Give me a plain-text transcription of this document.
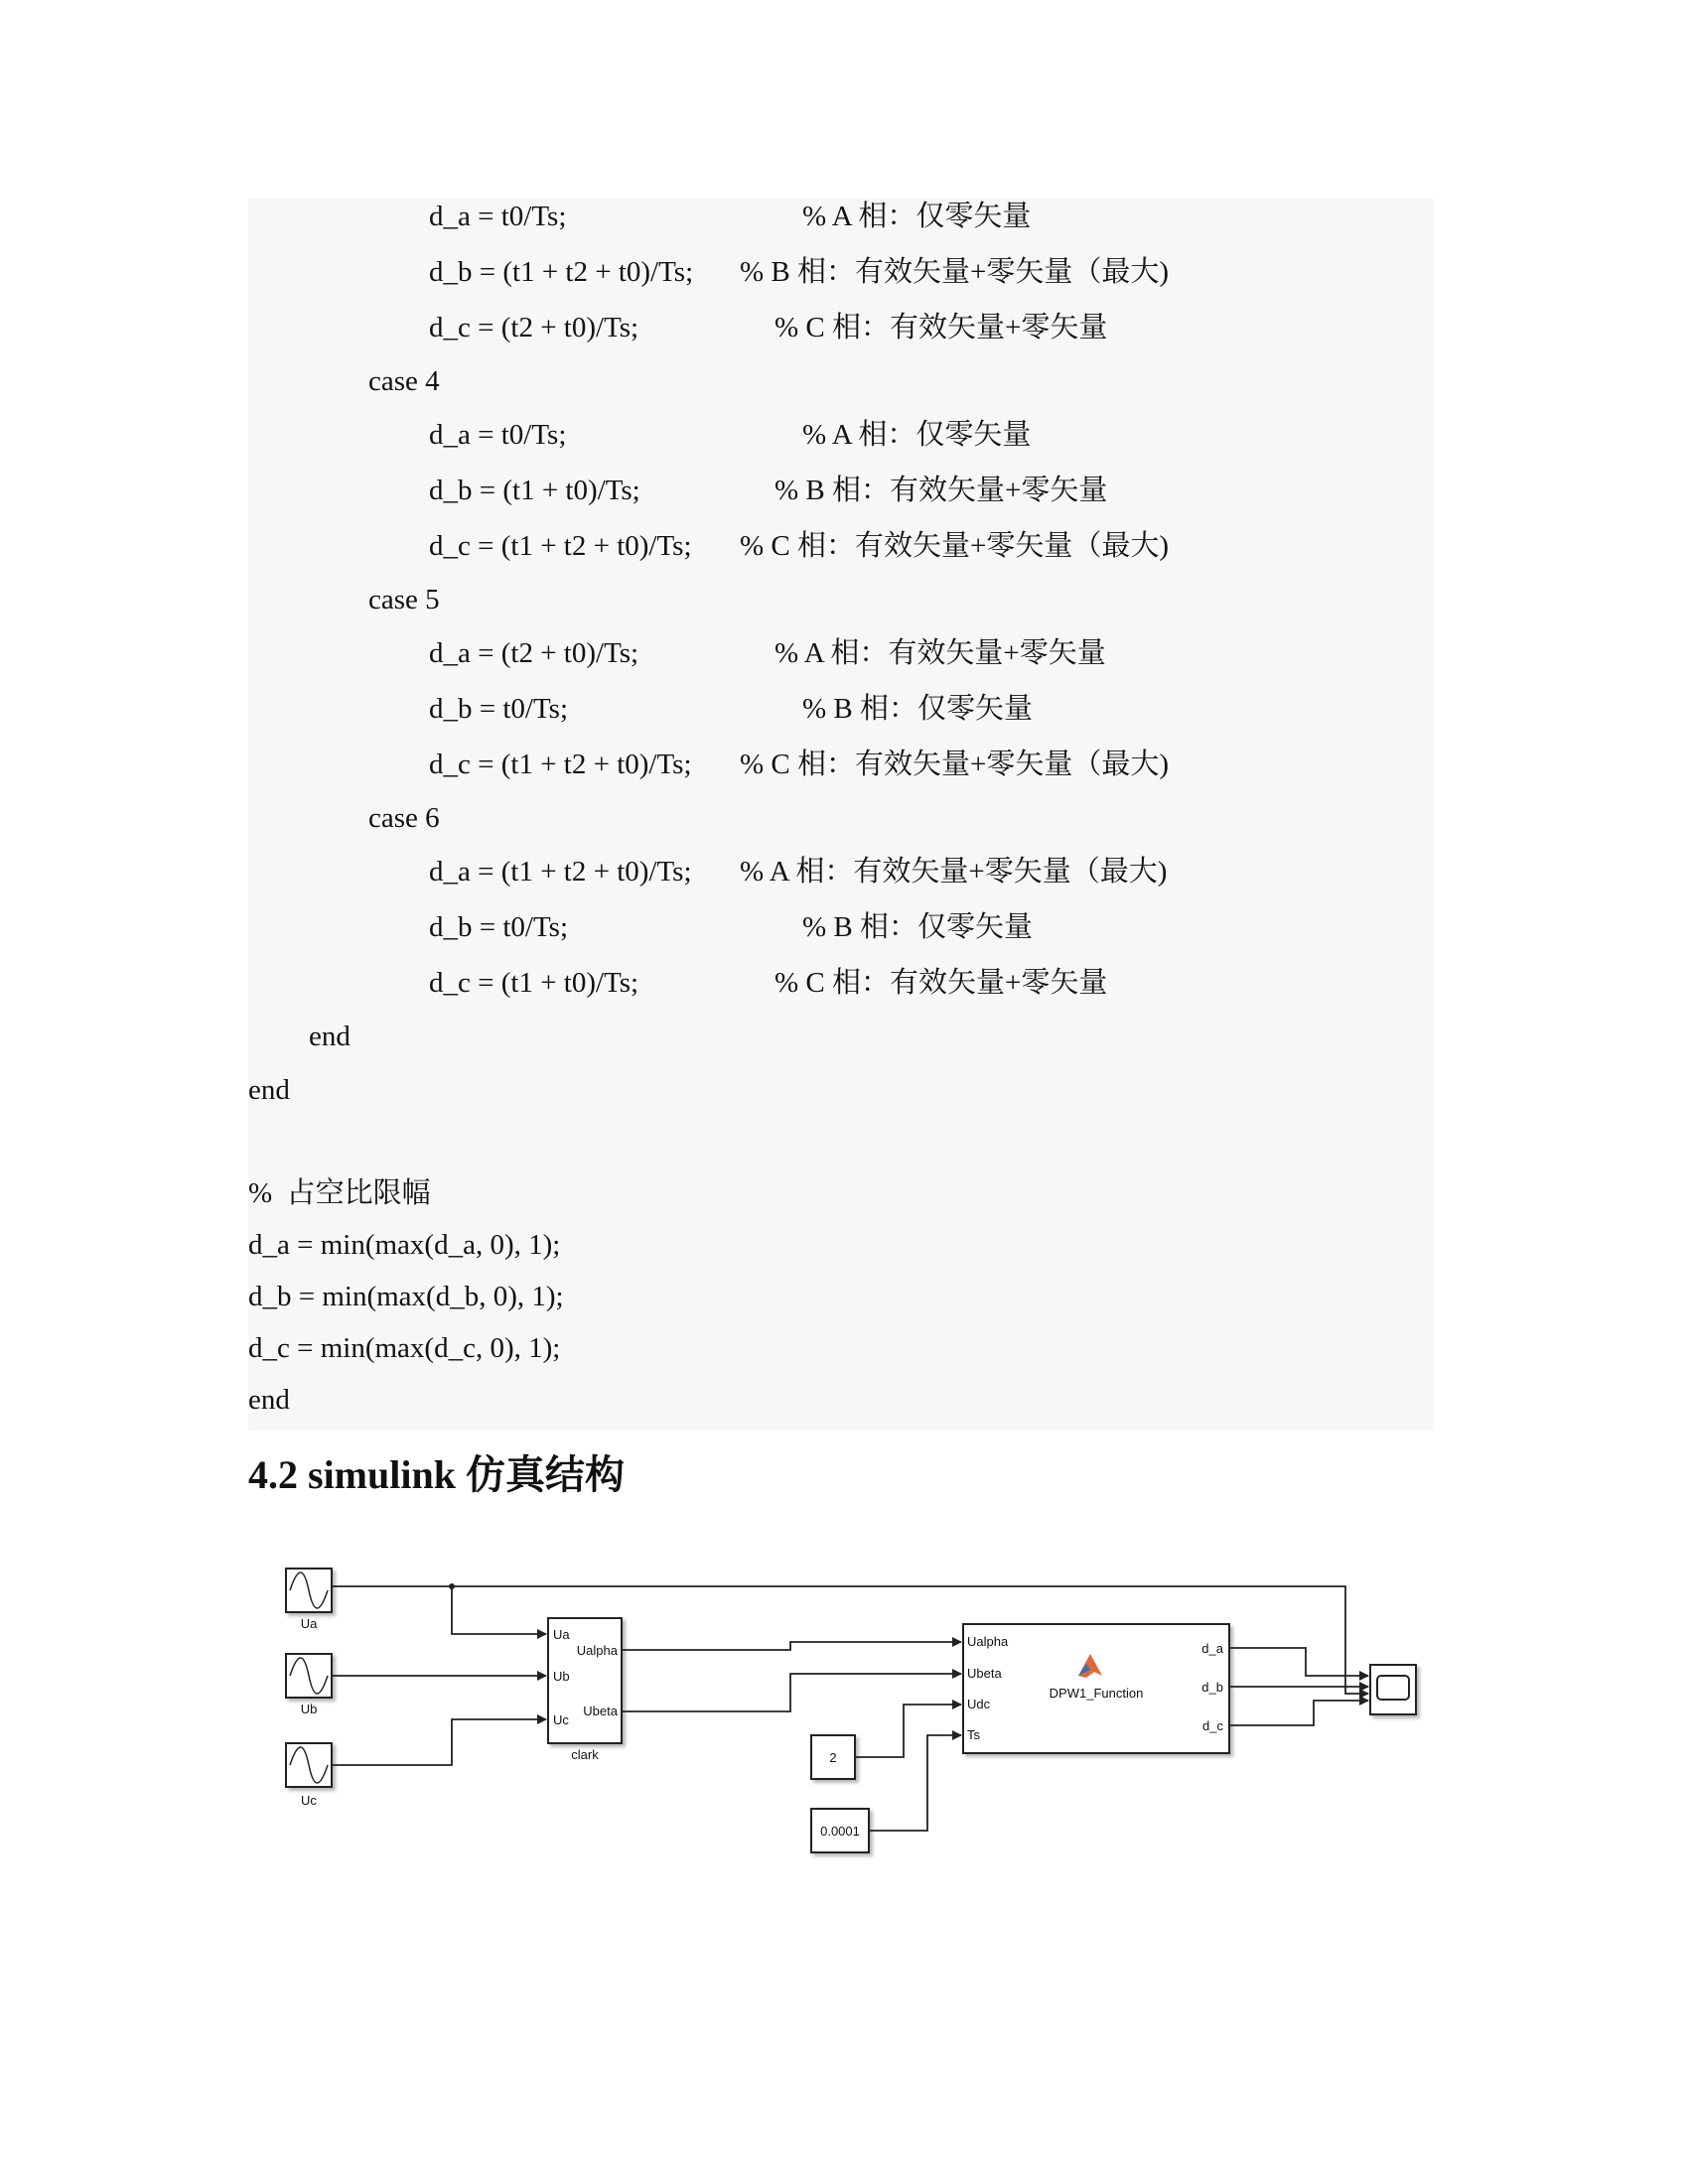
d_a = t0/Ts;	% A 相：仅零矢量
d_b = (t1 + t2 + t0)/Ts; % B 相：有效矢量+零矢量（最大)
d_c = (t2 + t0)/Ts;	% C 相：有效矢量+零矢量
case 4
d_a = t0/Ts;	% A 相：仅零矢量
d_b = (t1 + t0)/Ts;	% B 相：有效矢量+零矢量
d_c = (t1 + t2 + t0)/Ts; % C 相：有效矢量+零矢量（最大)
case 5
d_a = (t2 + t0)/Ts;	% A 相：有效矢量+零矢量
d_b = t0/Ts;	% B 相：仅零矢量
d_c = (t1 + t2 + t0)/Ts; % C 相：有效矢量+零矢量（最大)
case 6
d_a = (t1 + t2 + t0)/Ts; % A 相：有效矢量+零矢量（最大)
d_b = t0/Ts;	% B 相：仅零矢量
d_c = (t1 + t0)/Ts;	% C 相：有效矢量+零矢量
end
end
%  占空比限幅
d_a = min(max(d_a, 0), 1);
d_b = min(max(d_b, 0), 1);
d_c = min(max(d_c, 0), 1);
end
4.2 simulink 仿真结构
Ua
Ub
Uc
Ua
Ub
Uc
Ualpha
Ubeta
clark	2
0.0001
Ualpha
Ubeta
Udc
Ts
d_a
d_b
d_c
DPW1_Function
